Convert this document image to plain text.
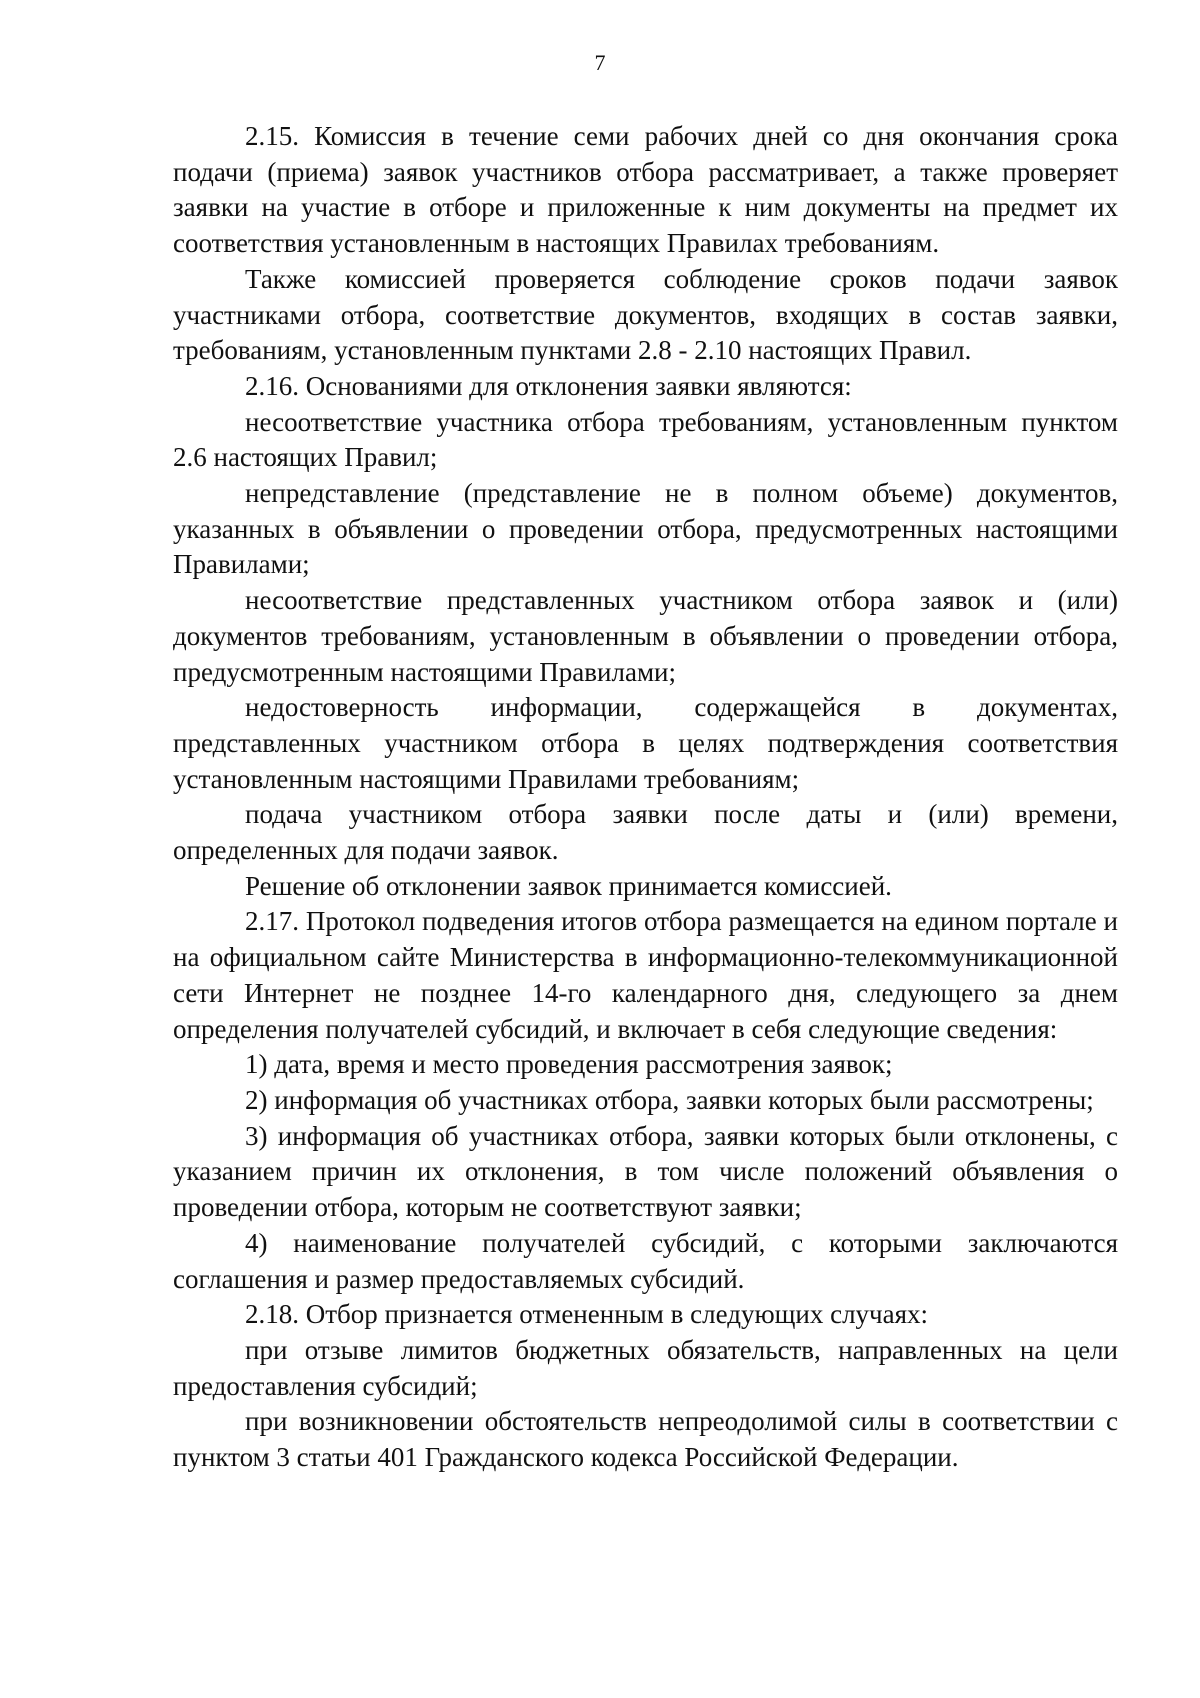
7

2.15. Комиссия в течение семи рабочих дней со дня окончания срока подачи (приема) заявок участников отбора рассматривает, а также проверяет заявки на участие в отборе и приложенные к ним документы на предмет их соответствия установленным в настоящих Правилах требованиям.

Также комиссией проверяется соблюдение сроков подачи заявок участниками отбора, соответствие документов, входящих в состав заявки, требованиям, установленным пунктами 2.8 - 2.10 настоящих Правил.

2.16. Основаниями для отклонения заявки являются:

несоответствие участника отбора требованиям, установленным пунктом 2.6 настоящих Правил;

непредставление (представление не в полном объеме) документов, указанных в объявлении о проведении отбора, предусмотренных настоящими Правилами;

несоответствие представленных участником отбора заявок и (или) документов требованиям, установленным в объявлении о проведении отбора, предусмотренным настоящими Правилами;

недостоверность информации, содержащейся в документах, представленных участником отбора в целях подтверждения соответствия установленным настоящими Правилами требованиям;

подача участником отбора заявки после даты и (или) времени, определенных для подачи заявок.

Решение об отклонении заявок принимается комиссией.

2.17. Протокол подведения итогов отбора размещается на едином портале и на официальном сайте Министерства в информационно-телекоммуникационной сети Интернет не позднее 14-го календарного дня, следующего за днем определения получателей субсидий, и включает в себя следующие сведения:

1) дата, время и место проведения рассмотрения заявок;

2) информация об участниках отбора, заявки которых были рассмотрены;

3) информация об участниках отбора, заявки которых были отклонены, с указанием причин их отклонения, в том числе положений объявления о проведении отбора, которым не соответствуют заявки;

4) наименование получателей субсидий, с которыми заключаются соглашения и размер предоставляемых субсидий.

2.18. Отбор признается отмененным в следующих случаях:

при отзыве лимитов бюджетных обязательств, направленных на цели предоставления субсидий;

при возникновении обстоятельств непреодолимой силы в соответствии с пунктом 3 статьи 401 Гражданского кодекса Российской Федерации.
